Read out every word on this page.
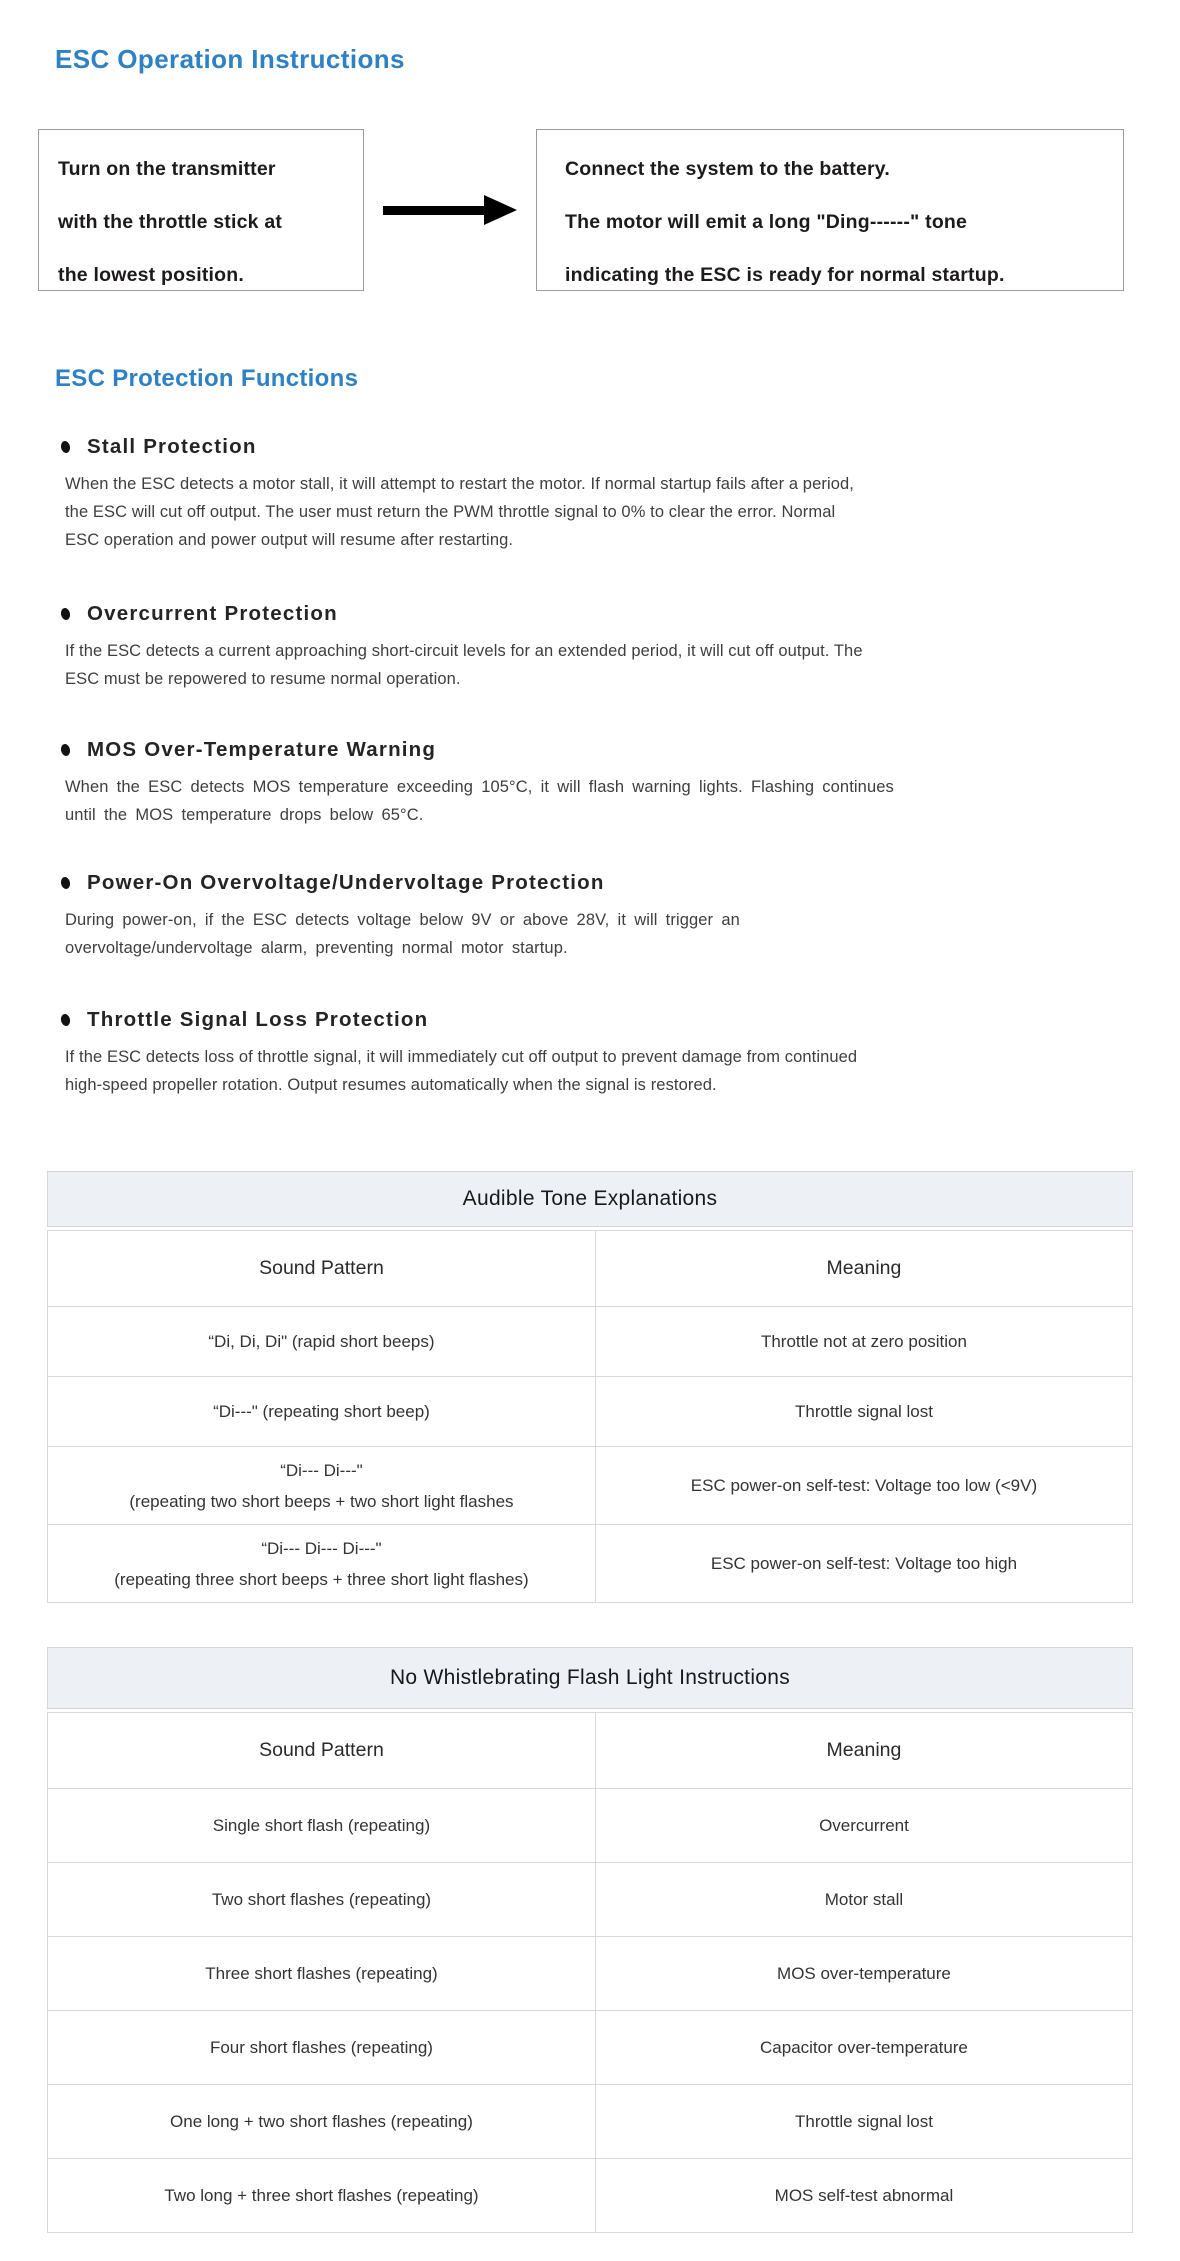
ESC Operation Instructions
Turn on the transmitter
with the throttle stick at
the lowest position.
Connect the system to the battery.
The motor will emit a long "Ding------" tone
indicating the ESC is ready for normal startup.
ESC Protection Functions
Stall Protection
When the ESC detects a motor stall, it will attempt to restart the motor. If normal startup fails after a period,
the ESC will cut off output. The user must return the PWM throttle signal to 0% to clear the error. Normal
ESC operation and power output will resume after restarting.
Overcurrent Protection
If the ESC detects a current approaching short-circuit levels for an extended period, it will cut off output. The
ESC must be repowered to resume normal operation.
MOS Over-Temperature Warning
When the ESC detects MOS temperature exceeding 105°C, it will flash warning lights. Flashing continues
until the MOS temperature drops below 65°C.
Power-On Overvoltage/Undervoltage Protection
During power-on, if the ESC detects voltage below 9V or above 28V, it will trigger an
overvoltage/undervoltage alarm, preventing normal motor startup.
Throttle Signal Loss Protection
If the ESC detects loss of throttle signal, it will immediately cut off output to prevent damage from continued
high-speed propeller rotation. Output resumes automatically when the signal is restored.
Audible Tone Explanations
Sound Pattern	Meaning
“Di, Di, Di" (rapid short beeps)	Throttle not at zero position
“Di---" (repeating short beep)	Throttle signal lost

“Di--- Di---"
(repeating two short beeps + two short light flashes	ESC power-on self-test: Voltage too low (<9V)

“Di--- Di--- Di---"
(repeating three short beeps + three short light flashes)	ESC power-on self-test: Voltage too high
No Whistlebrating Flash Light Instructions
Sound Pattern	Meaning
Single short flash (repeating)	Overcurrent
Two short flashes (repeating)	Motor stall
Three short flashes (repeating)	MOS over-temperature
Four short flashes (repeating)	Capacitor over-temperature
One long + two short flashes (repeating)	Throttle signal lost
Two long + three short flashes (repeating)	MOS self-test abnormal
